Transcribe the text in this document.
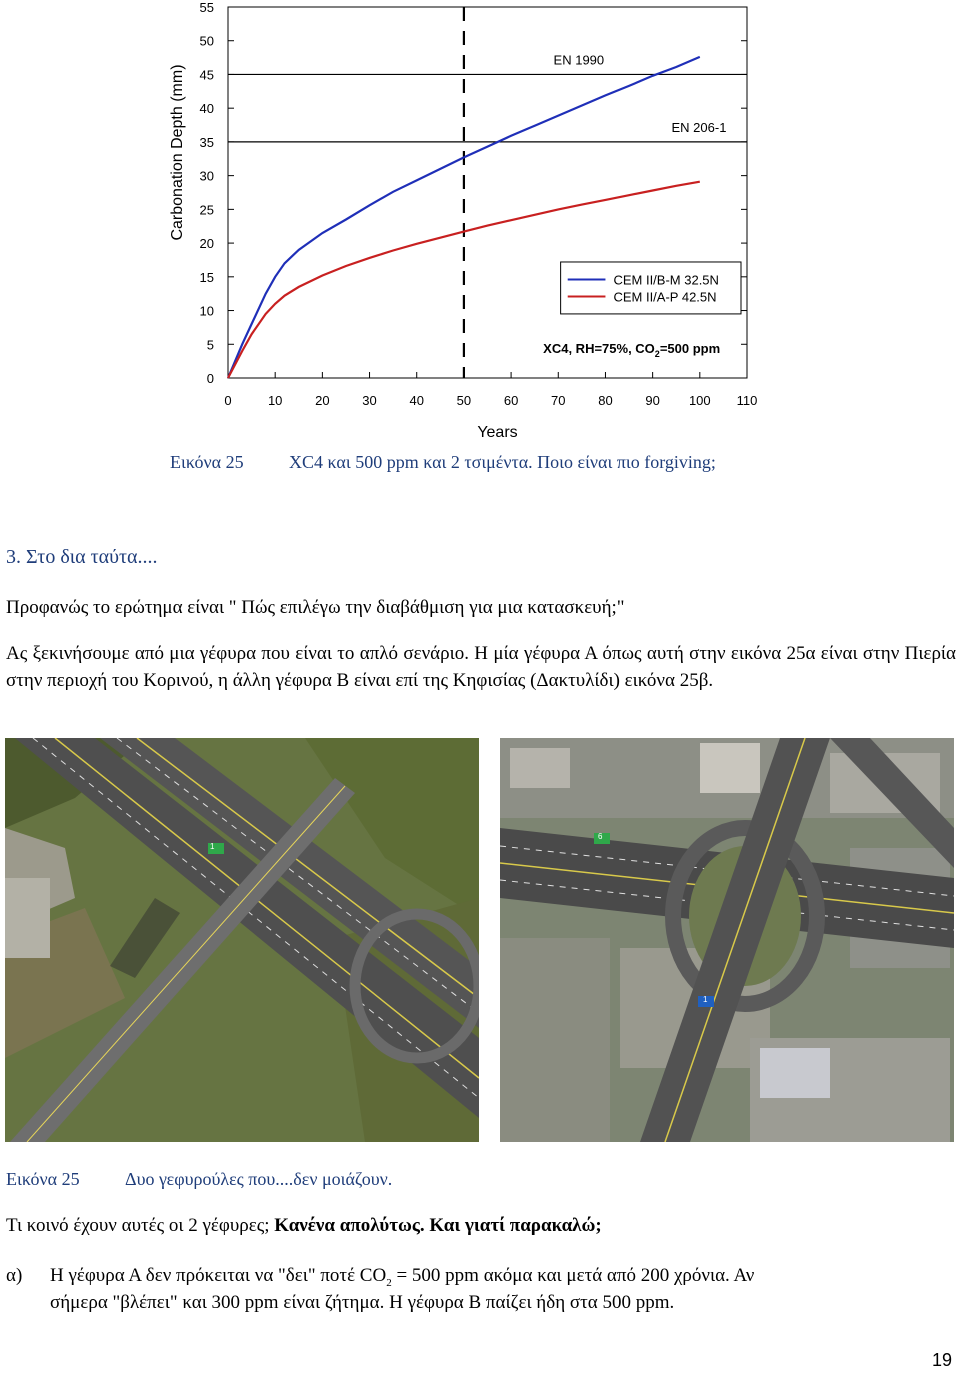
0
5
10
15
20
25
30
35
40
45
50
55
0	10	20	30	40	50	60	70	80	90 100 110
Years
Carbonation Depth (mm)
EN 1990
EN 206-1
CEM II/B-M 32.5N
CEM II/A-P 42.5N
XC4, RH=75%, $CO_2=500$ ppm
Εικόνα 25	XC4 και 500 ppm και 2 τσιμέντα. Ποιο είναι πιο forgiving;
3. Στο δια ταύτα....
Προφανώς το ερώτημα είναι " Πώς επιλέγω την διαβάθμιση για μια κατασκευή;"
Ας ξεκινήσουμε από μια γέφυρα που είναι το απλό σενάριο. Η μία γέφυρα Α όπως αυτή στην εικόνα 25α είναι στην Πιερία στην περιοχή του Κορινού, η άλλη γέφυρα Β είναι επί της Κηφισίας (Δακτυλίδι) εικόνα 25β.
1
6
1
Εικόνα 25	Δυο γεφυρούλες που....δεν μοιάζουν.
Τι κοινό έχουν αυτές οι 2 γέφυρες; Κανένα απολύτως. Και γιατί παρακαλώ;
α) Η γέφυρα Α δεν πρόκειται να "δει" ποτέ $CO_2 = 500$ ppm ακόμα και μετά από 200 χρόνια. Αν
σήμερα "βλέπει" και 300 ppm είναι ζήτημα. Η γέφυρα Β παίζει ήδη στα 500 ppm.
19
